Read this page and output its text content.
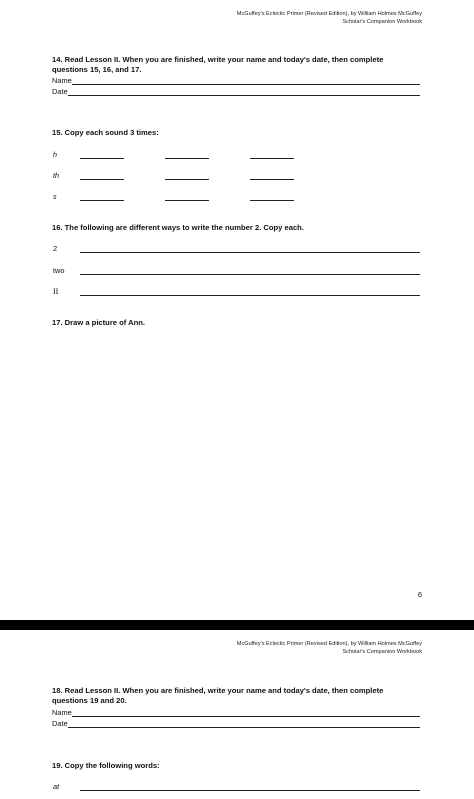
McGuffey's Eclectic Primer (Revised Edition), by William Holmes McGuffey
Scholar's Companion Workbook
14. Read Lesson II. When you are finished, write your name and today's date, then complete
questions 15, 16, and 17.
Name
Date
15. Copy each sound 3 times:
h
th
s
16. The following are different ways to write the number 2. Copy each.
2
two
II
17. Draw a picture of Ann.
6
McGuffey's Eclectic Primer (Revised Edition), by William Holmes McGuffey
Scholar's Companion Workbook
18. Read Lesson II. When you are finished, write your name and today's date, then complete
questions 19 and 20.
Name
Date
19. Copy the following words:
at
